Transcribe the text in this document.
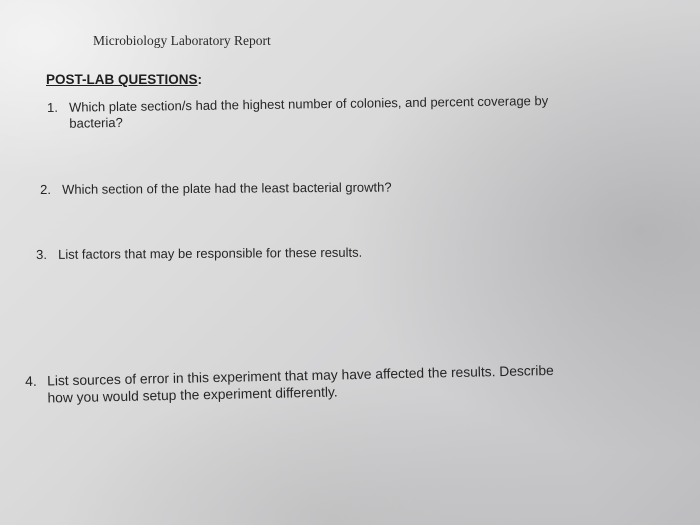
Microbiology Laboratory Report
POST-LAB QUESTIONS:
1. Which plate section/s had the highest number of colonies, and percent coverage by
bacteria?
2. Which section of the plate had the least bacterial growth?
3. List factors that may be responsible for these results.
4. List sources of error in this experiment that may have affected the results. Describe
how you would setup the experiment differently.
